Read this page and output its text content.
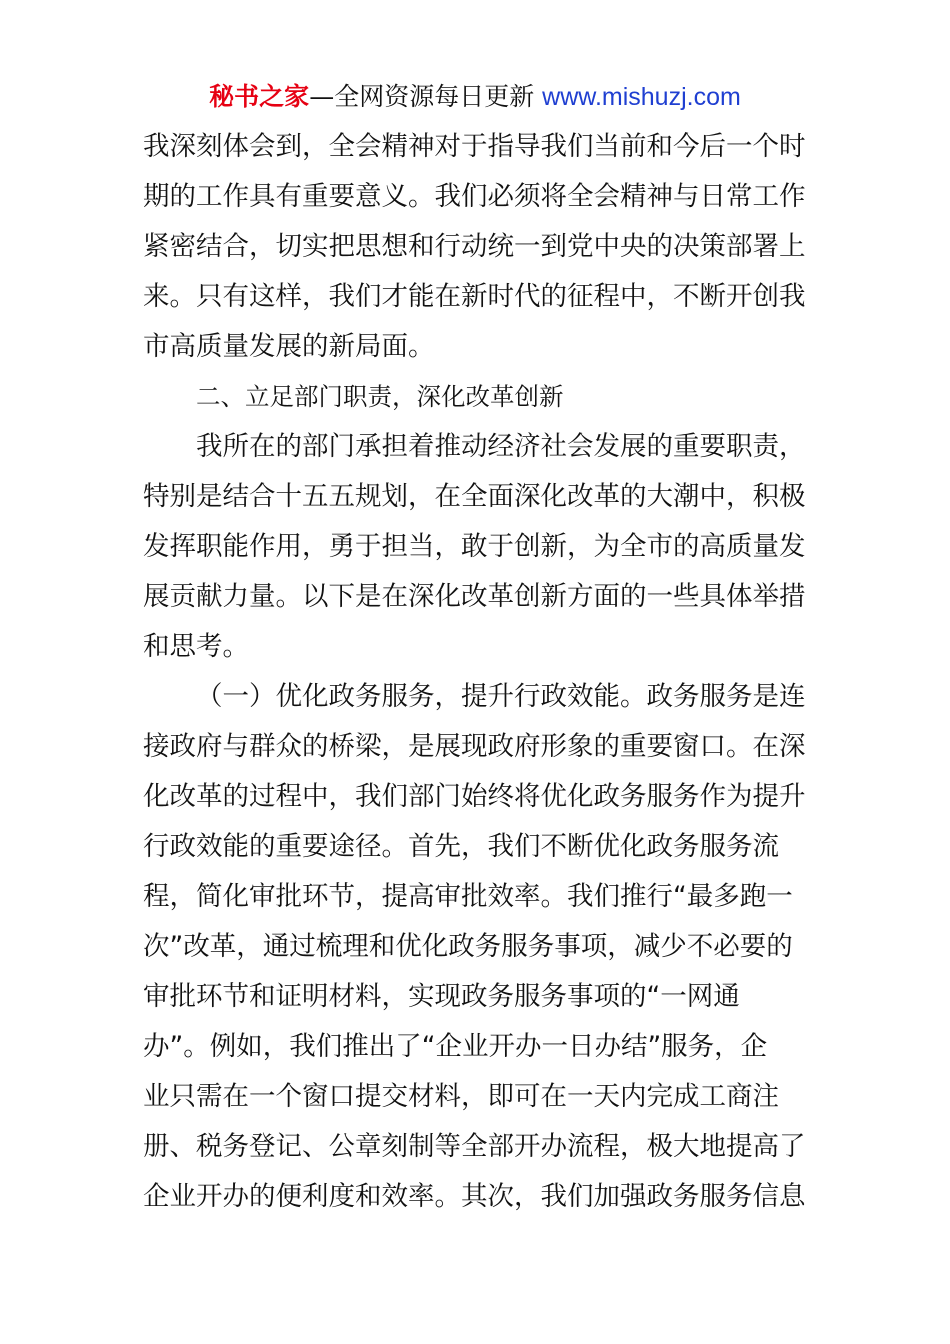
秘书之家—全网资源每日更新 www.mishuzj.com
我深刻体会到，全会精神对于指导我们当前和今后一个时
期的工作具有重要意义。我们必须将全会精神与日常工作
紧密结合，切实把思想和行动统一到党中央的决策部署上
来。只有这样，我们才能在新时代的征程中，不断开创我
市高质量发展的新局面。
二、立足部门职责，深化改革创新
我所在的部门承担着推动经济社会发展的重要职责，
特别是结合十五五规划，在全面深化改革的大潮中，积极
发挥职能作用，勇于担当，敢于创新，为全市的高质量发
展贡献力量。以下是在深化改革创新方面的一些具体举措
和思考。
（一）优化政务服务，提升行政效能。政务服务是连
接政府与群众的桥梁，是展现政府形象的重要窗口。在深
化改革的过程中，我们部门始终将优化政务服务作为提升
行政效能的重要途径。首先，我们不断优化政务服务流
程，简化审批环节，提高审批效率。我们推行“最多跑一
次”改革，通过梳理和优化政务服务事项，减少不必要的
审批环节和证明材料，实现政务服务事项的“一网通
办”。例如，我们推出了“企业开办一日办结”服务，企
业只需在一个窗口提交材料，即可在一天内完成工商注
册、税务登记、公章刻制等全部开办流程，极大地提高了
企业开办的便利度和效率。其次，我们加强政务服务信息
